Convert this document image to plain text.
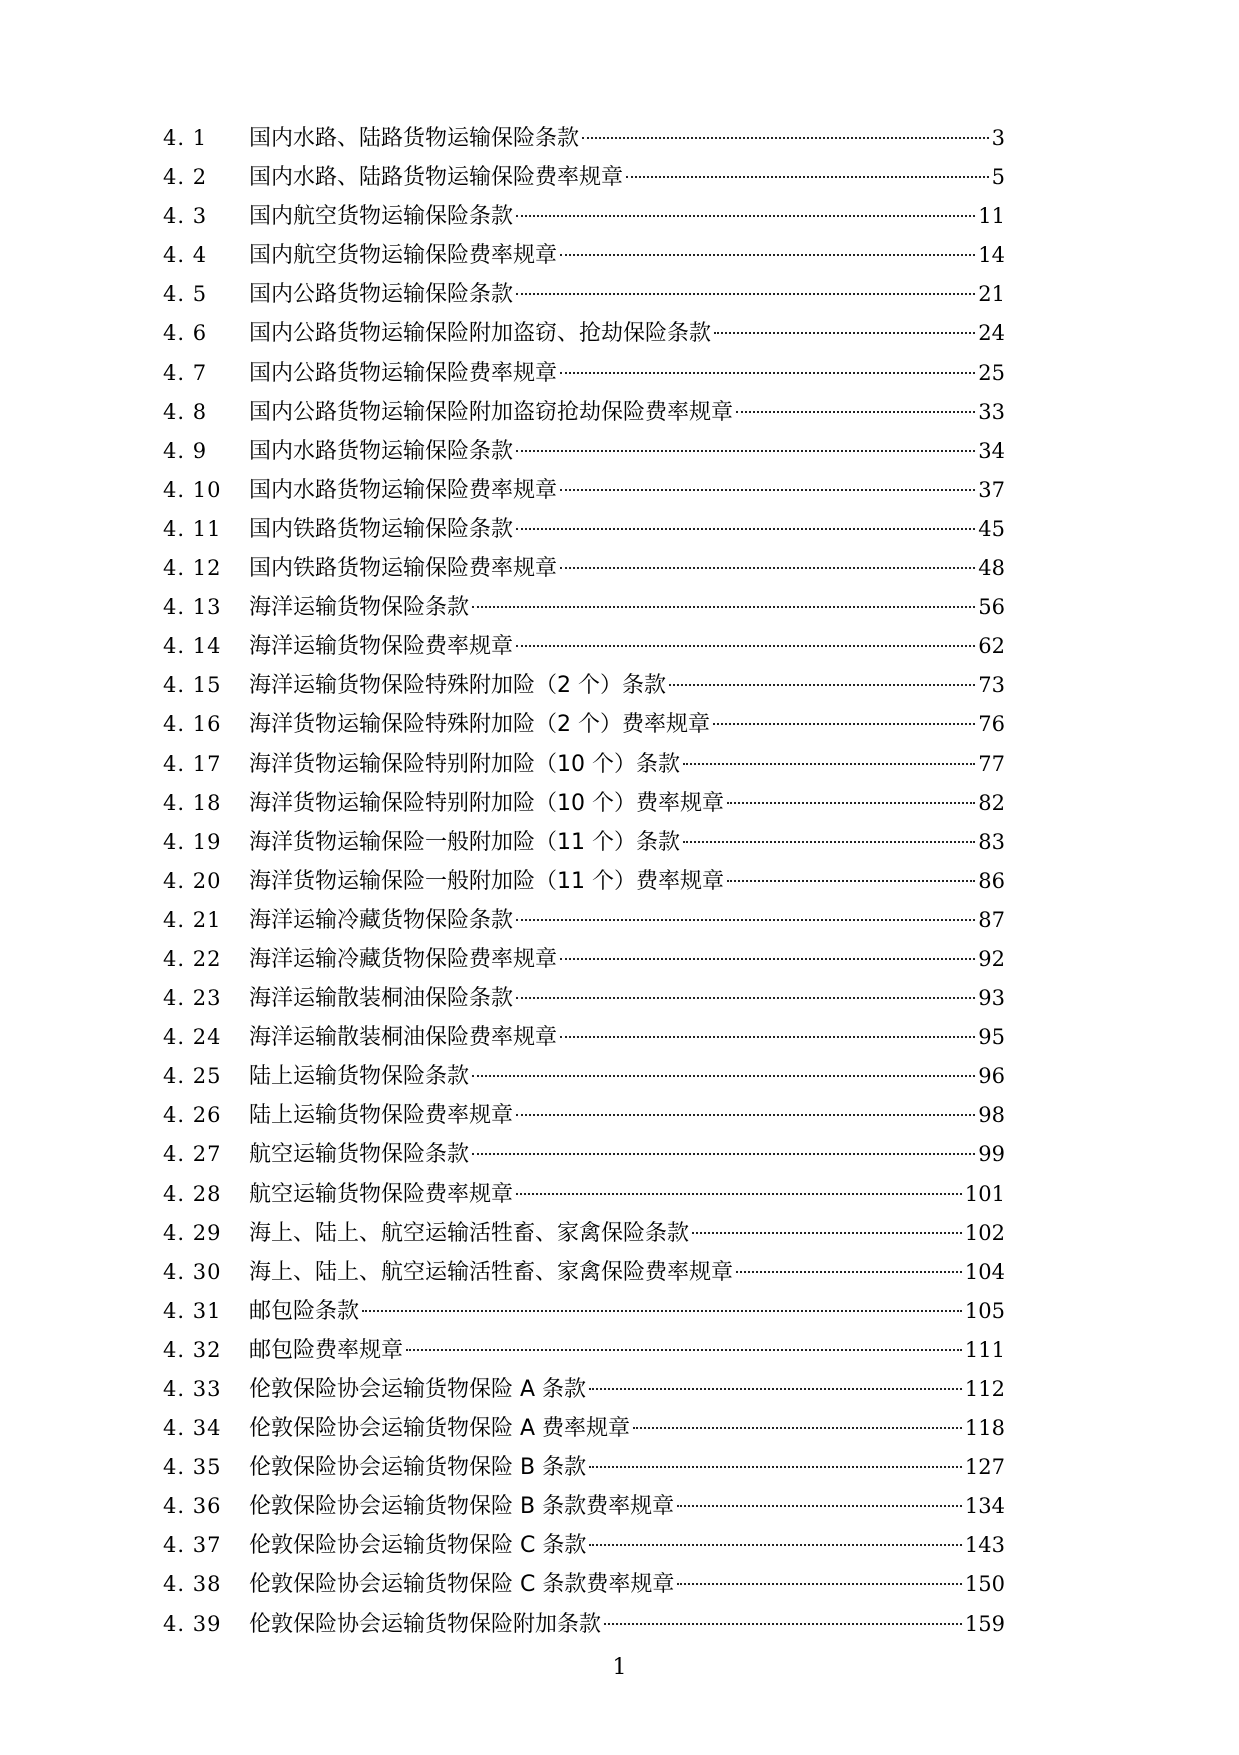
4. 1	国内水路、陆路货物运输保险条款	3
4. 2	国内水路、陆路货物运输保险费率规章	5
4. 3	国内航空货物运输保险条款	11
4. 4	国内航空货物运输保险费率规章	14
4. 5	国内公路货物运输保险条款	21
4. 6	国内公路货物运输保险附加盗窃、抢劫保险条款	24
4. 7	国内公路货物运输保险费率规章	25
4. 8	国内公路货物运输保险附加盗窃抢劫保险费率规章	33
4. 9	国内水路货物运输保险条款	34
4. 10	国内水路货物运输保险费率规章	37
4. 11	国内铁路货物运输保险条款	45
4. 12	国内铁路货物运输保险费率规章	48
4. 13	海洋运输货物保险条款	56
4. 14	海洋运输货物保险费率规章	62
4. 15	海洋运输货物保险特殊附加险（2 个）条款	73
4. 16	海洋货物运输保险特殊附加险（2 个）费率规章	76
4. 17	海洋货物运输保险特别附加险（10 个）条款	77
4. 18	海洋货物运输保险特别附加险（10 个）费率规章	82
4. 19	海洋货物运输保险一般附加险（11 个）条款	83
4. 20	海洋货物运输保险一般附加险（11 个）费率规章	86
4. 21	海洋运输冷藏货物保险条款	87
4. 22	海洋运输冷藏货物保险费率规章	92
4. 23	海洋运输散装桐油保险条款	93
4. 24	海洋运输散装桐油保险费率规章	95
4. 25	陆上运输货物保险条款	96
4. 26	陆上运输货物保险费率规章	98
4. 27	航空运输货物保险条款	99
4. 28	航空运输货物保险费率规章	101
4. 29	海上、陆上、航空运输活牲畜、家禽保险条款	102
4. 30	海上、陆上、航空运输活牲畜、家禽保险费率规章	104
4. 31	邮包险条款	105
4. 32	邮包险费率规章	111
4. 33	伦敦保险协会运输货物保险 A 条款	112
4. 34	伦敦保险协会运输货物保险 A 费率规章	118
4. 35	伦敦保险协会运输货物保险 B 条款	127
4. 36	伦敦保险协会运输货物保险 B 条款费率规章	134
4. 37	伦敦保险协会运输货物保险 C 条款	143
4. 38	伦敦保险协会运输货物保险 C 条款费率规章	150
4. 39	伦敦保险协会运输货物保险附加条款	159
1
